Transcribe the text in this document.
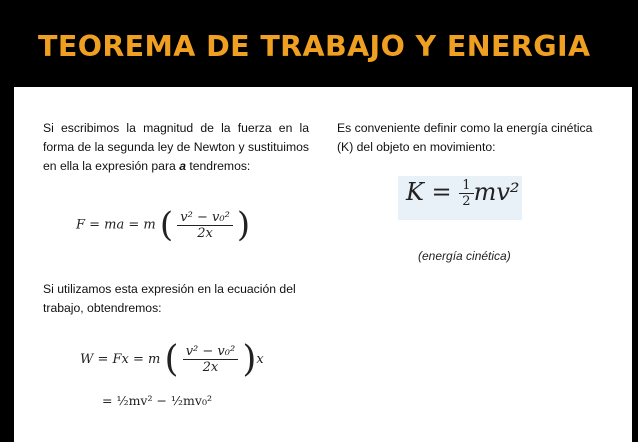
TEOREMA DE TRABAJO Y ENERGIA
Si escribimos la magnitud de la fuerza en la forma de la segunda ley de Newton y sustituimos en ella la expresión para a tendremos:
F = ma = m ( $\frac{\text{v² − v₀²}}{2x}$ )
Si utilizamos esta expresión en la ecuación del trabajo, obtendremos:
W = Fx = m ( $\frac{\text{v² − v₀²}}{2x} )x$
= ½mv² − ½mv₀²
Es conveniente definir como la energía cinética (K) del objeto en movimiento:
$K = \frac{1}{2} mv^2$
(energía cinética)
